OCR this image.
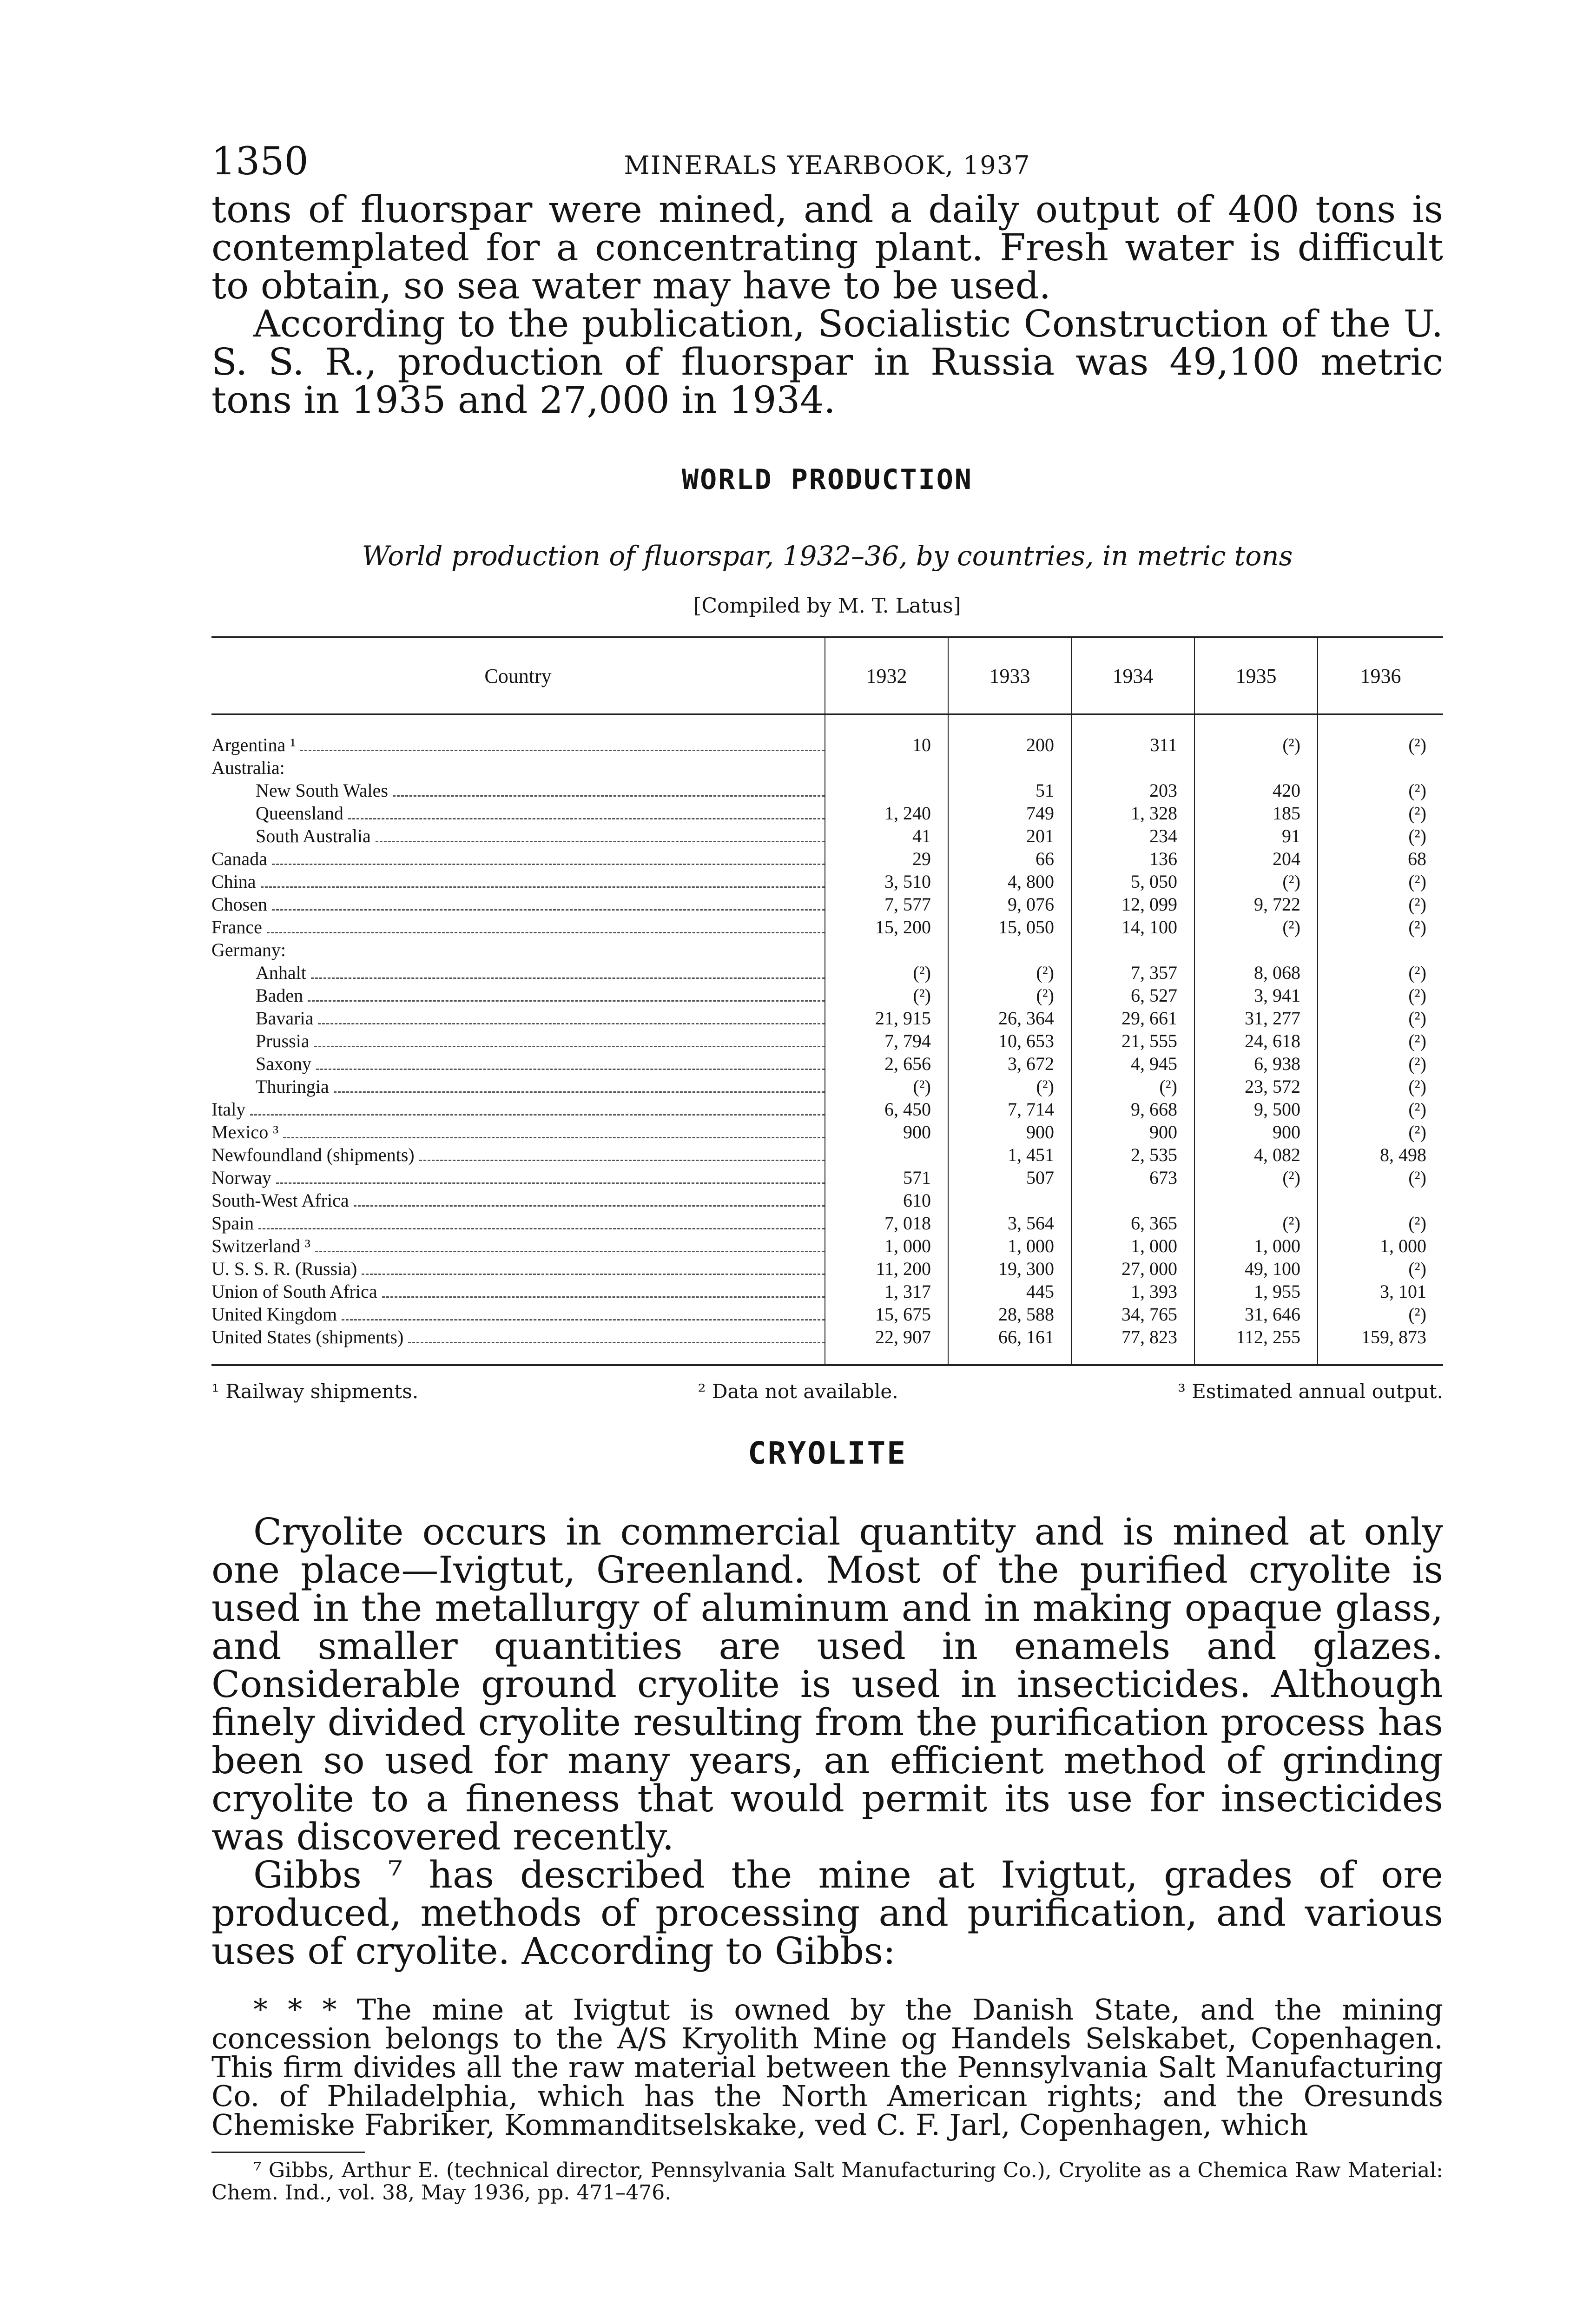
1350	MINERALS YEARBOOK, 1937

tons of fluorspar were mined, and a daily output of 400 tons is contemplated for a concentrating plant. Fresh water is difficult to obtain, so sea water may have to be used.

According to the publication, Socialistic Construction of the U. S. S. R., production of fluorspar in Russia was 49,100 metric tons in 1935 and 27,000 in 1934.

WORLD PRODUCTION

World production of fluorspar, 1932–36, by countries, in metric tons

[Compiled by M. T. Latus]

Country	1932	1933	1934	1935	1936

Argentina ¹	10	200	311	(²)	(²)

Australia:					

New South Wales		51	203	420	(²)

Queensland	1, 240	749	1, 328	185	(²)

South Australia	41	201	234	91	(²)

Canada	29	66	136	204	68

China	3, 510	4, 800	5, 050	(²)	(²)

Chosen	7, 577	9, 076	12, 099	9, 722	(²)

France	15, 200	15, 050	14, 100	(²)	(²)

Germany:					

Anhalt	(²)	(²)	7, 357	8, 068	(²)

Baden	(²)	(²)	6, 527	3, 941	(²)

Bavaria	21, 915	26, 364	29, 661	31, 277	(²)

Prussia	7, 794	10, 653	21, 555	24, 618	(²)

Saxony	2, 656	3, 672	4, 945	6, 938	(²)

Thuringia	(²)	(²)	(²)	23, 572	(²)

Italy	6, 450	7, 714	9, 668	9, 500	(²)

Mexico ³	900	900	900	900	(²)

Newfoundland (shipments)		1, 451	2, 535	4, 082	8, 498

Norway	571	507	673	(²)	(²)

South-West Africa	610				

Spain	7, 018	3, 564	6, 365	(²)	(²)

Switzerland ³	1, 000	1, 000	1, 000	1, 000	1, 000

U. S. S. R. (Russia)	11, 200	19, 300	27, 000	49, 100	(²)

Union of South Africa	1, 317	445	1, 393	1, 955	3, 101

United Kingdom	15, 675	28, 588	34, 765	31, 646	(²)

United States (shipments)	22, 907	66, 161	77, 823	112, 255	159, 873
¹ Railway shipments.	² Data not available.	³ Estimated annual output.

CRYOLITE

Cryolite occurs in commercial quantity and is mined at only one place—Ivigtut, Greenland. Most of the purified cryolite is used in the metallurgy of aluminum and in making opaque glass, and smaller quantities are used in enamels and glazes. Considerable ground cryolite is used in insecticides. Although finely divided cryolite resulting from the purification process has been so used for many years, an efficient method of grinding cryolite to a fineness that would permit its use for insecticides was discovered recently.

Gibbs ⁷ has described the mine at Ivigtut, grades of ore produced, methods of processing and purification, and various uses of cryolite. According to Gibbs:

* * * The mine at Ivigtut is owned by the Danish State, and the mining concession belongs to the A/S Kryolith Mine og Handels Selskabet, Copenhagen. This firm divides all the raw material between the Pennsylvania Salt Manufacturing Co. of Philadelphia, which has the North American rights; and the Oresunds Chemiske Fabriker, Kommanditselskake, ved C. F. Jarl, Copenhagen, which

⁷ Gibbs, Arthur E. (technical director, Pennsylvania Salt Manufacturing Co.), Cryolite as a Chemica Raw Material: Chem. Ind., vol. 38, May 1936, pp. 471–476.
